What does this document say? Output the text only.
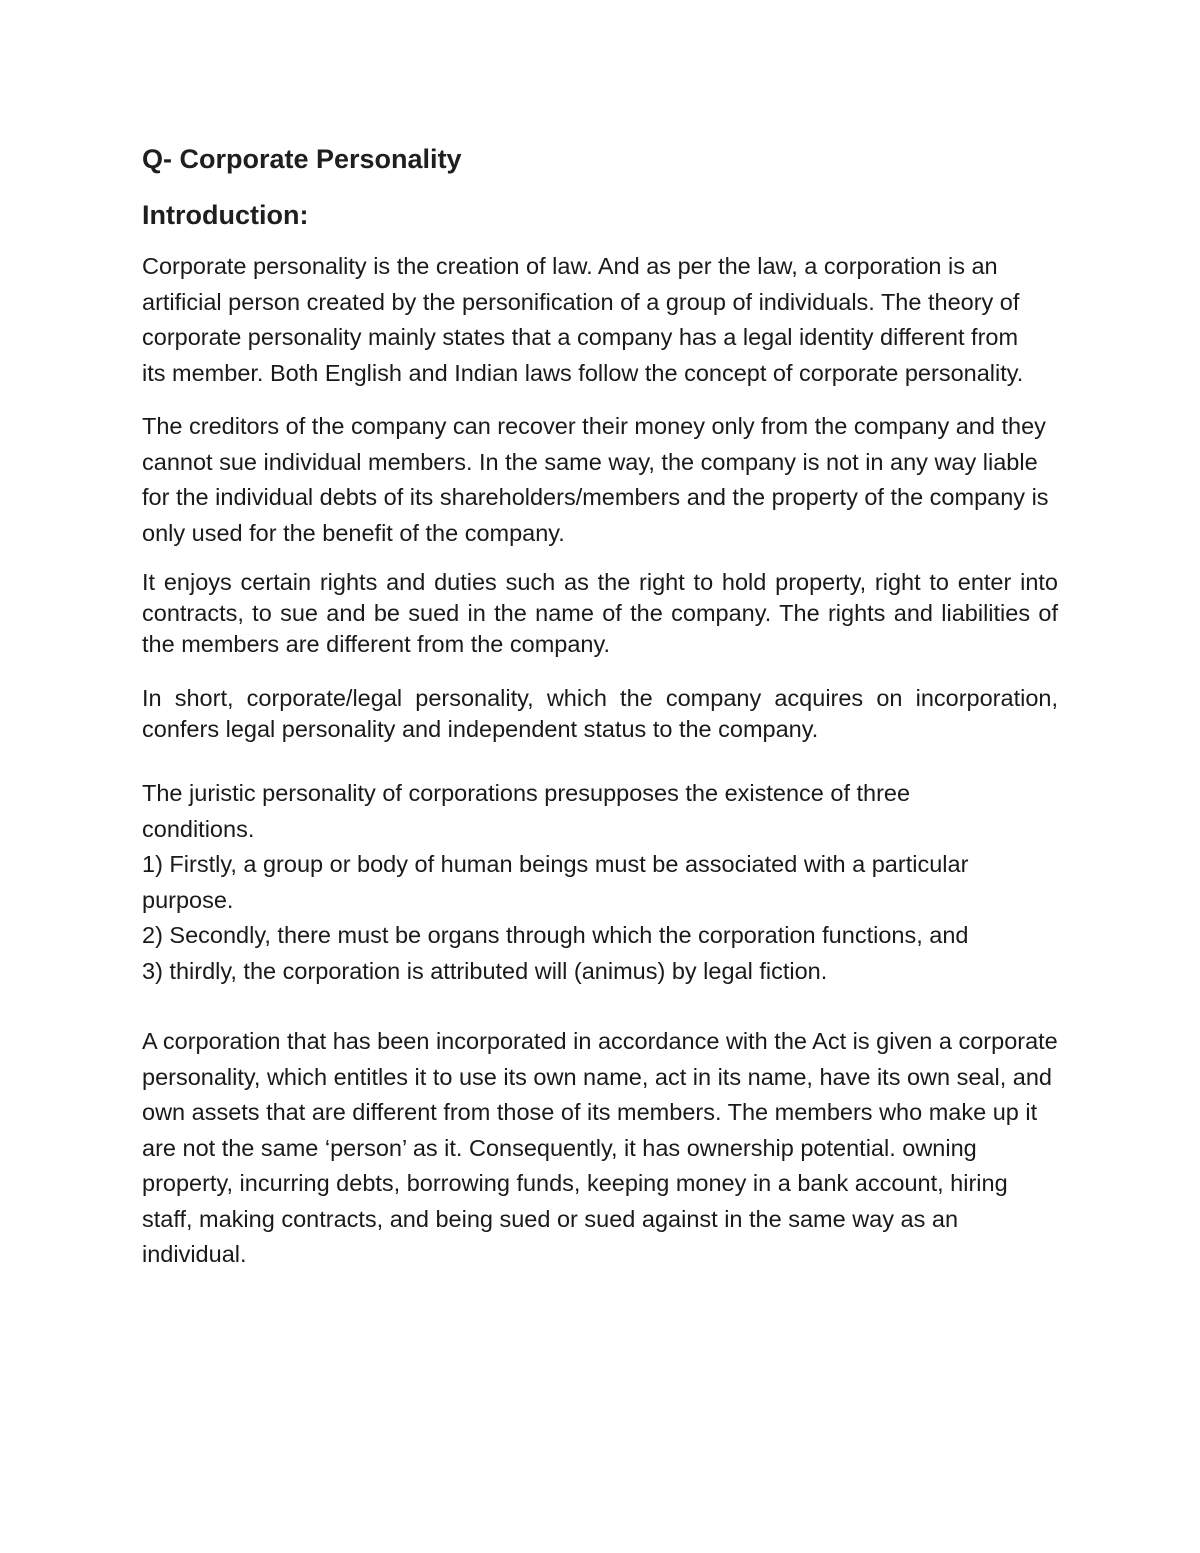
Q- Corporate Personality
Introduction:

Corporate personality is the creation of law. And as per the law, a corporation is an artificial person created by the personification of a group of individuals. The theory of corporate personality mainly states that a company has a legal identity different from its member. Both English and Indian laws follow the concept of corporate personality.

The creditors of the company can recover their money only from the company and they cannot sue individual members. In the same way, the company is not in any way liable for the individual debts of its shareholders/members and the property of the company is only used for the benefit of the company.

It enjoys certain rights and duties such as the right to hold property, right to enter into contracts, to sue and be sued in the name of the company. The rights and liabilities of the members are different from the company.

In short, corporate/legal personality, which the company acquires on incorporation, confers legal personality and independent status to the company.

The juristic personality of corporations presupposes the existence of three conditions.

1) Firstly, a group or body of human beings must be associated with a particular purpose.

2) Secondly, there must be organs through which the corporation functions, and

3) thirdly, the corporation is attributed will (animus) by legal fiction.

A corporation that has been incorporated in accordance with the Act is given a corporate personality, which entitles it to use its own name, act in its name, have its own seal, and own assets that are different from those of its members. The members who make up it are not the same ‘person’ as it. Consequently, it has ownership potential. owning property, incurring debts, borrowing funds, keeping money in a bank account, hiring staff, making contracts, and being sued or sued against in the same way as an individual.
